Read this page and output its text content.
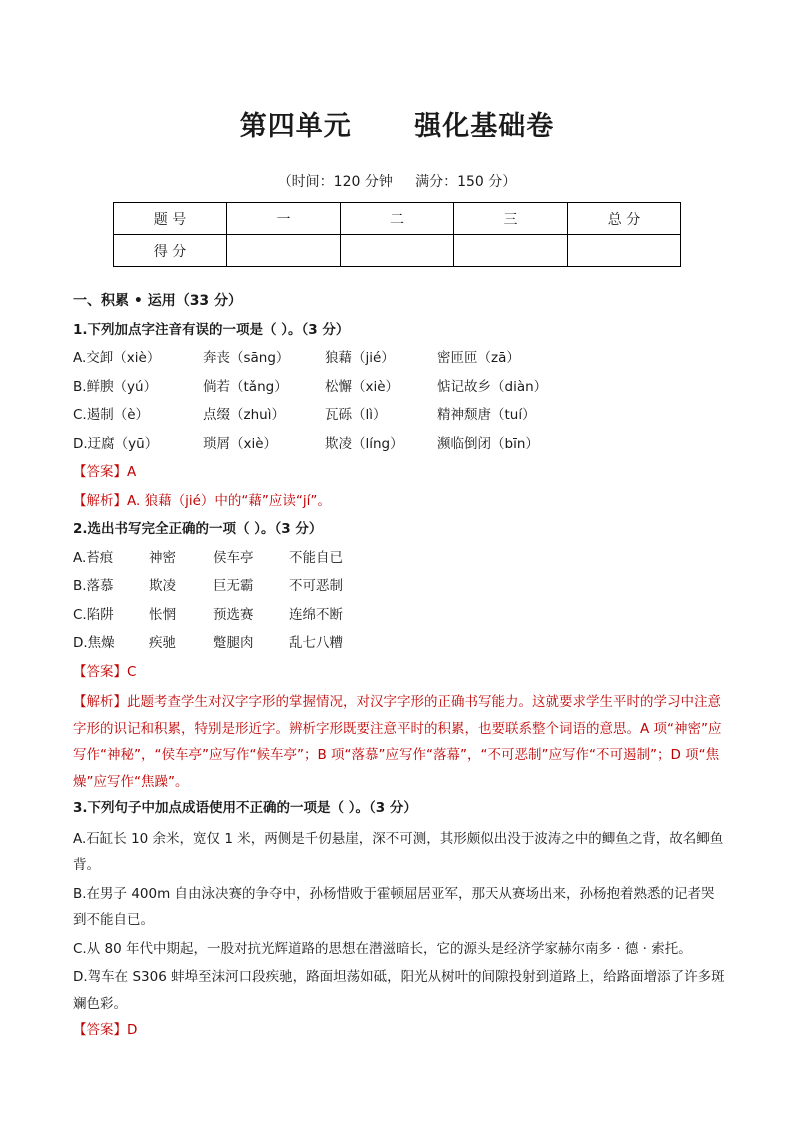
第四单元      强化基础卷
（时间：120 分钟     满分：150 分）
题 号	一	二	三	总 分
得 分				
一、积累 • 运用（33 分）
1.下列加点字注音有误的一项是（ ）。（3 分）
A.交卸（xiè）	奔丧（sāng）	狼藉（jié）	密匝匝（zā）
B.鲜腴（yú）	倘若（tǎng）	松懈（xiè）	惦记故乡（diàn）
C.遏制（è）	点缀（zhuì）	瓦砾（lì）	精神颓唐（tuí）
D.迂腐（yū）	琐屑（xiè）	欺凌（líng）	濒临倒闭（bīn）
【答案】A
【解析】A. 狼藉（jié）中的“藉”应读“jí”。
2.选出书写完全正确的一项（ ）。（3 分）
A.苔痕	神密	侯车亭	不能自已
B.落慕	欺凌	巨无霸	不可恶制
C.陷阱	怅惘	预选赛	连绵不断
D.焦燥	疾驰	蹩腿肉	乱七八糟
【答案】C
【解析】此题考查学生对汉字字形的掌握情况，对汉字字形的正确书写能力。这就要求学生平时的学习中注意字形的识记和积累，特别是形近字。辨析字形既要注意平时的积累，也要联系整个词语的意思。A 项“神密”应写作“神秘”，“侯车亭”应写作“候车亭”；B 项“落慕”应写作“落幕”，“不可恶制”应写作“不可遏制”；D 项“焦燥”应写作“焦躁”。
3.下列句子中加点成语使用不正确的一项是（ ）。（3 分）
A.石缸长 10 余米，宽仅 1 米，两侧是千仞悬崖，深不可测，其形颇似出没于波涛之中的鲫鱼之背，故名鲫鱼背。
B.在男子 400m 自由泳决赛的争夺中，孙杨惜败于霍顿屈居亚军，那天从赛场出来，孙杨抱着熟悉的记者哭到不能自已。
C.从 80 年代中期起，一股对抗光辉道路的思想在潜滋暗长，它的源头是经济学家赫尔南多 · 德 · 索托。
D.驾车在 S306 蚌埠至沫河口段疾驰，路面坦荡如砥，阳光从树叶的间隙投射到道路上，给路面增添了许多斑斓色彩。
【答案】D
